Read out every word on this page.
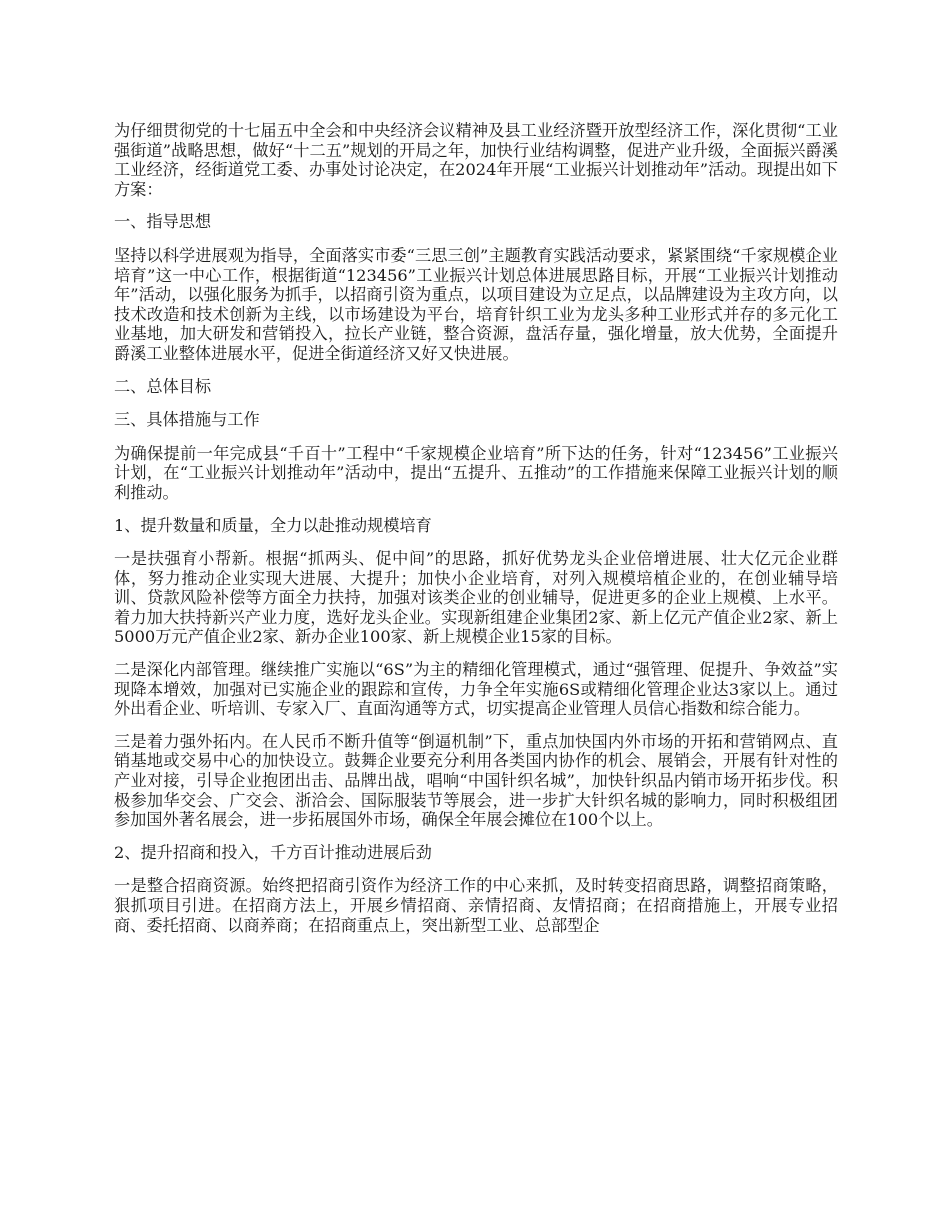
为仔细贯彻党的十七届五中全会和中央经济会议精神及县工业经济暨开放型经济工作，深化贯彻“工业强街道”战略思想，做好“十二五”规划的开局之年，加快行业结构调整，促进产业升级，全面振兴爵溪工业经济，经街道党工委、办事处讨论决定，在2024年开展“工业振兴计划推动年”活动。现提出如下方案：

一、指导思想

坚持以科学进展观为指导，全面落实市委“三思三创”主题教育实践活动要求，紧紧围绕“千家规模企业培育”这一中心工作，根据街道“123456”工业振兴计划总体进展思路目标，开展“工业振兴计划推动年”活动，以强化服务为抓手，以招商引资为重点，以项目建设为立足点，以品牌建设为主攻方向，以技术改造和技术创新为主线，以市场建设为平台，培育针织工业为龙头多种工业形式并存的多元化工业基地，加大研发和营销投入，拉长产业链，整合资源，盘活存量，强化增量，放大优势，全面提升爵溪工业整体进展水平，促进全街道经济又好又快进展。

二、总体目标

三、具体措施与工作

为确保提前一年完成县“千百十”工程中“千家规模企业培育”所下达的任务，针对“123456”工业振兴计划，在“工业振兴计划推动年”活动中，提出“五提升、五推动”的工作措施来保障工业振兴计划的顺利推动。

1、提升数量和质量，全力以赴推动规模培育

一是扶强育小帮新。根据“抓两头、促中间”的思路，抓好优势龙头企业倍增进展、壮大亿元企业群体，努力推动企业实现大进展、大提升；加快小企业培育，对列入规模培植企业的，在创业辅导培训、贷款风险补偿等方面全力扶持，加强对该类企业的创业辅导，促进更多的企业上规模、上水平。着力加大扶持新兴产业力度，选好龙头企业。实现新组建企业集团2家、新上亿元产值企业2家、新上5000万元产值企业2家、新办企业100家、新上规模企业15家的目标。

二是深化内部管理。继续推广实施以“6S”为主的精细化管理模式，通过“强管理、促提升、争效益”实现降本增效，加强对已实施企业的跟踪和宣传，力争全年实施6S或精细化管理企业达3家以上。通过外出看企业、听培训、专家入厂、直面沟通等方式，切实提高企业管理人员信心指数和综合能力。

三是着力强外拓内。在人民币不断升值等“倒逼机制”下，重点加快国内外市场的开拓和营销网点、直销基地或交易中心的加快设立。鼓舞企业要充分利用各类国内协作的机会、展销会，开展有针对性的产业对接，引导企业抱团出击、品牌出战，唱响“中国针织名城”，加快针织品内销市场开拓步伐。积极参加华交会、广交会、浙洽会、国际服装节等展会，进一步扩大针织名城的影响力，同时积极组团参加国外著名展会，进一步拓展国外市场，确保全年展会摊位在100个以上。

2、提升招商和投入，千方百计推动进展后劲

一是整合招商资源。始终把招商引资作为经济工作的中心来抓，及时转变招商思路，调整招商策略，狠抓项目引进。在招商方法上，开展乡情招商、亲情招商、友情招商；在招商措施上，开展专业招商、委托招商、以商养商；在招商重点上，突出新型工业、总部型企
